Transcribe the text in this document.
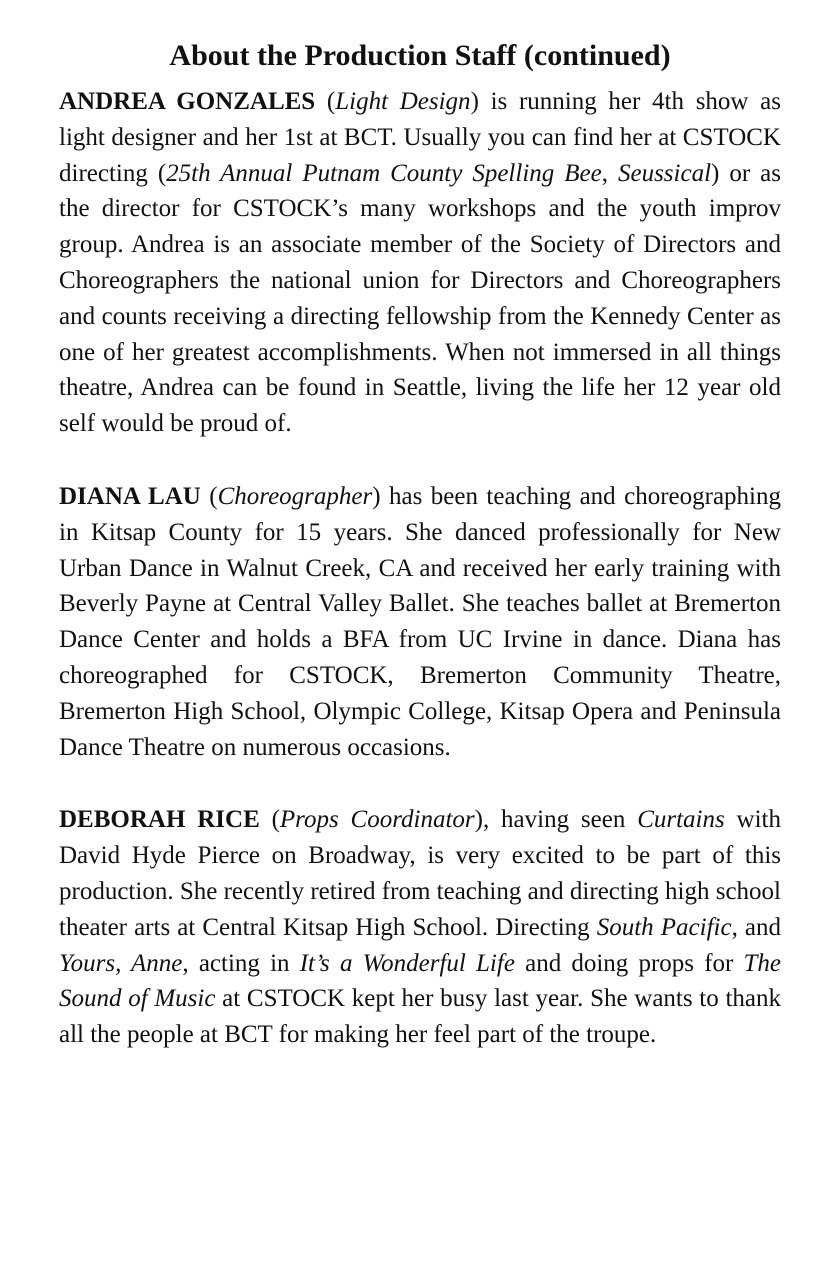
About the Production Staff (continued)

ANDREA GONZALES (Light Design) is running her 4th show as light designer and her 1st at BCT. Usually you can find her at CSTOCK directing (25th Annual Putnam County Spelling Bee, Seussical) or as the director for CSTOCK’s many workshops and the youth improv group. Andrea is an associate member of the Society of Directors and Choreographers the national union for Directors and Choreographers and counts receiving a directing fellowship from the Kennedy Center as one of her greatest accomplishments. When not immersed in all things theatre, Andrea can be found in Seattle, living the life her 12 year old self would be proud of.

DIANA LAU (Choreographer) has been teaching and choreographing in Kitsap County for 15 years. She danced professionally for New Urban Dance in Walnut Creek, CA and received her early training with Beverly Payne at Central Valley Ballet. She teaches ballet at Bremerton Dance Center and holds a BFA from UC Irvine in dance. Diana has choreographed for CSTOCK, Bremerton Community Theatre, Bremerton High School, Olympic College, Kitsap Opera and Peninsula Dance Theatre on numerous occasions.

DEBORAH RICE (Props Coordinator), having seen Curtains with David Hyde Pierce on Broadway, is very excited to be part of this production. She recently retired from teaching and directing high school theater arts at Central Kitsap High School. Directing South Pacific, and Yours, Anne, acting in It’s a Wonderful Life and doing props for The Sound of Music at CSTOCK kept her busy last year. She wants to thank all the people at BCT for making her feel part of the troupe.
